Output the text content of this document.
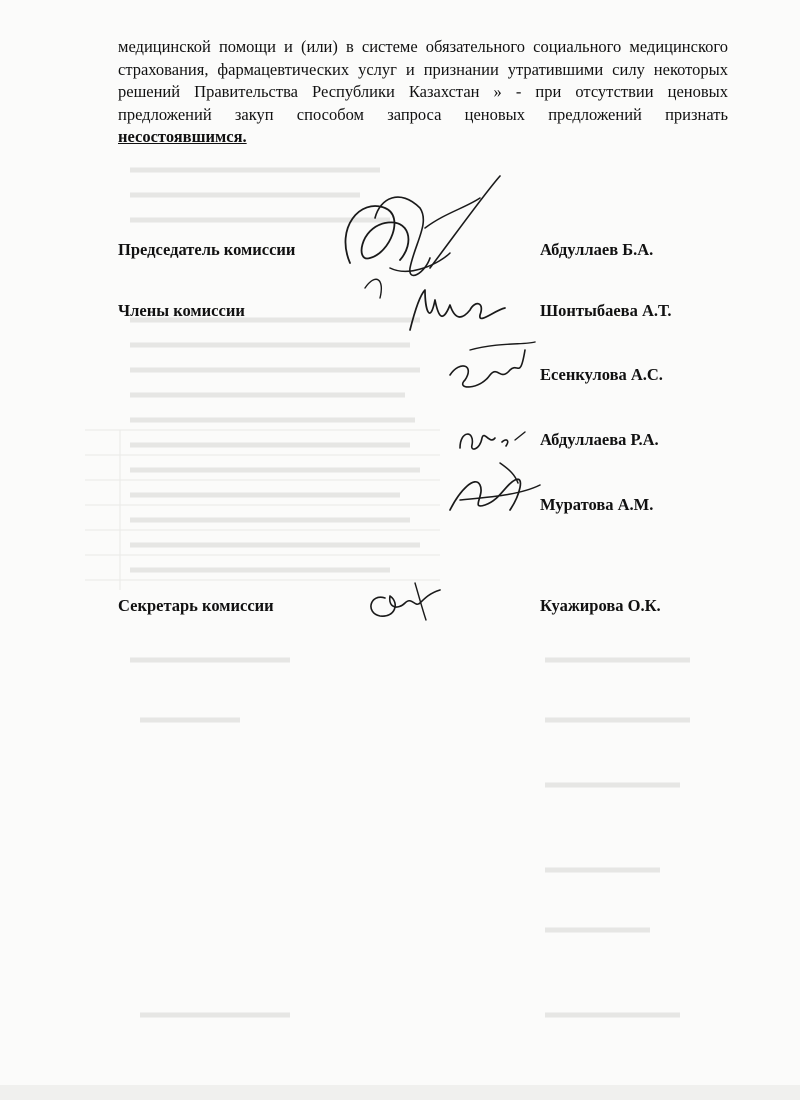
медицинской помощи и (или) в системе обязательного социального медицинского страхования, фармацевтических услуг и признании утратившими силу некоторых решений Правительства Республики Казахстан » - при отсутствии ценовых предложений закуп способом запроса ценовых предложений признать несостоявшимся.

Председатель комиссии	Абдуллаев Б.А.
Члены комиссии	Шонтыбаева А.Т.
Есенкулова А.С.
Абдуллаева Р.А.
Муратова А.М.
Секретарь комиссии	Куажирова О.К.
